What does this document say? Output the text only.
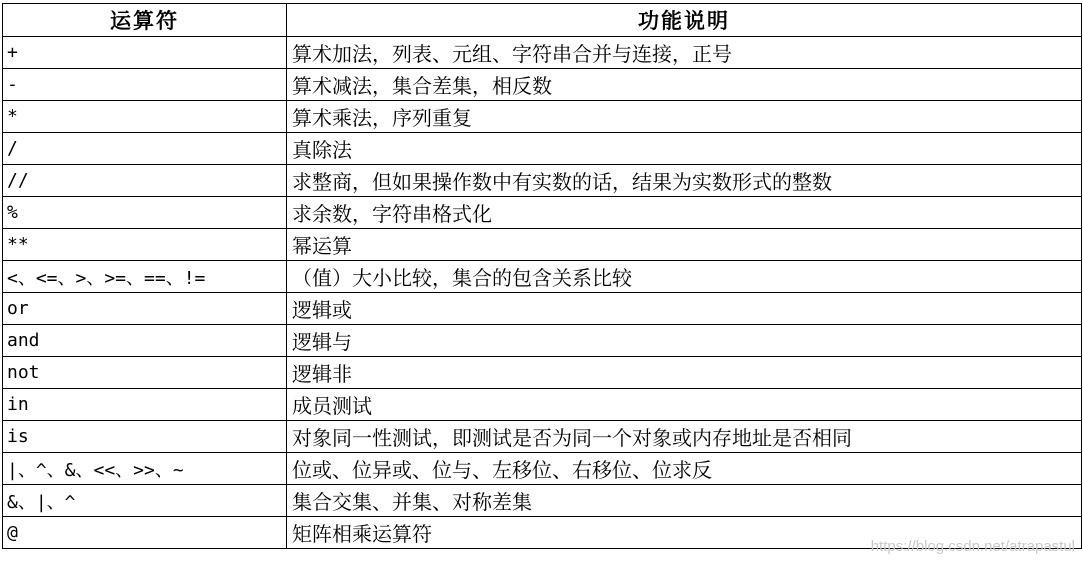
运算符	功能说明
+	算术加法，列表、元组、字符串合并与连接，正号
-	算术减法，集合差集，相反数
*	算术乘法，序列重复
/	真除法
//	求整商，但如果操作数中有实数的话，结果为实数形式的整数
%	求余数，字符串格式化
**	幂运算
<、<=、>、>=、==、!=	（值）大小比较，集合的包含关系比较
or	逻辑或
and	逻辑与
not	逻辑非
in	成员测试
is	对象同一性测试，即测试是否为同一个对象或内存地址是否相同
|、^、&、<<、>>、~	位或、位异或、位与、左移位、右移位、位求反
&、|、^	集合交集、并集、对称差集
@	矩阵相乘运算符
https://blog.csdn.net/atrapastul
